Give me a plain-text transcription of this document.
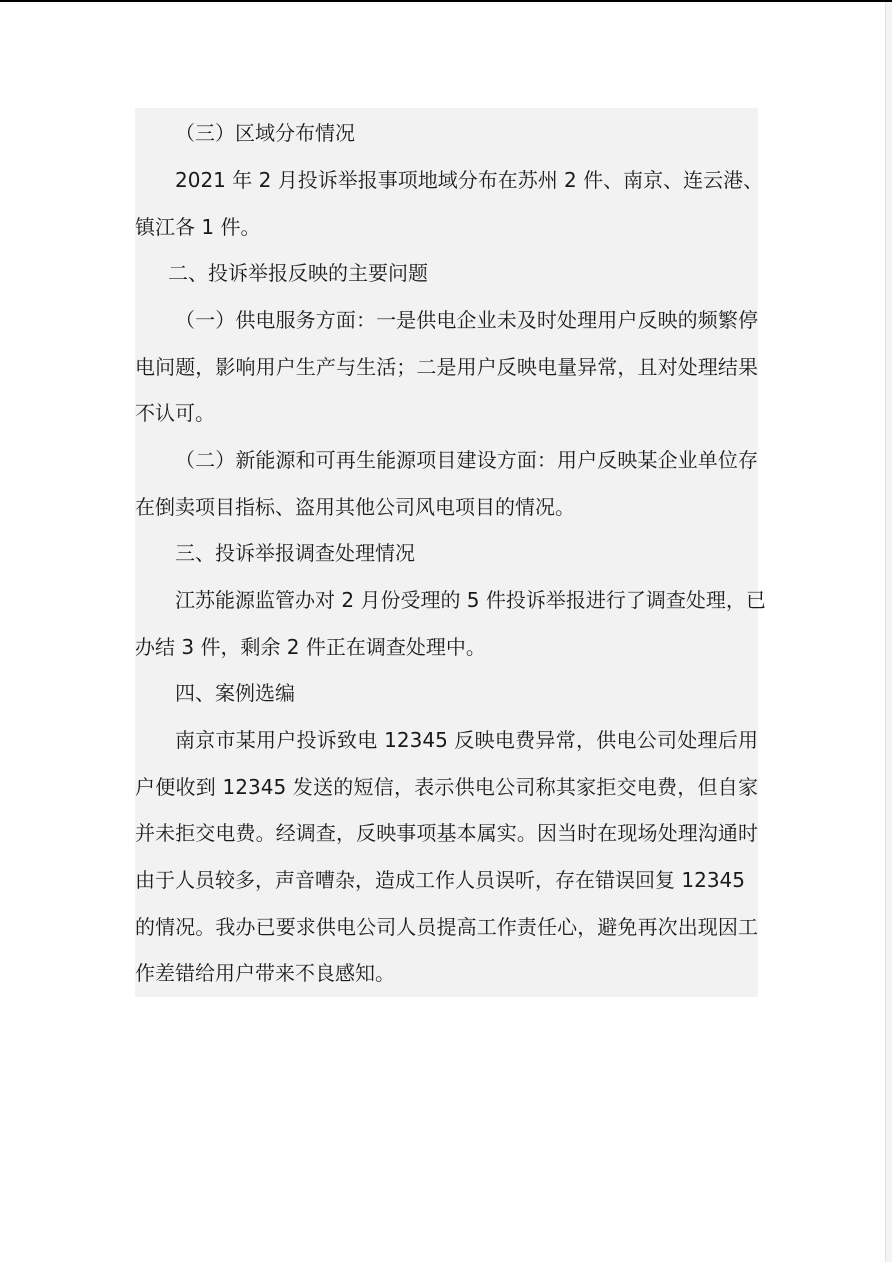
（三）区域分布情况
2021 年 2 月投诉举报事项地域分布在苏州 2 件、南京、连云港、
镇江各 1 件。
二、投诉举报反映的主要问题
（一）供电服务方面：一是供电企业未及时处理用户反映的频繁停
电问题，影响用户生产与生活；二是用户反映电量异常，且对处理结果
不认可。
（二）新能源和可再生能源项目建设方面：用户反映某企业单位存
在倒卖项目指标、盗用其他公司风电项目的情况。
三、投诉举报调查处理情况
江苏能源监管办对 2 月份受理的 5 件投诉举报进行了调查处理，已
办结 3 件，剩余 2 件正在调查处理中。
四、案例选编
南京市某用户投诉致电 12345 反映电费异常，供电公司处理后用
户便收到 12345 发送的短信，表示供电公司称其家拒交电费，但自家
并未拒交电费。经调查，反映事项基本属实。因当时在现场处理沟通时
由于人员较多，声音嘈杂，造成工作人员误听，存在错误回复 12345
的情况。我办已要求供电公司人员提高工作责任心，避免再次出现因工
作差错给用户带来不良感知。
